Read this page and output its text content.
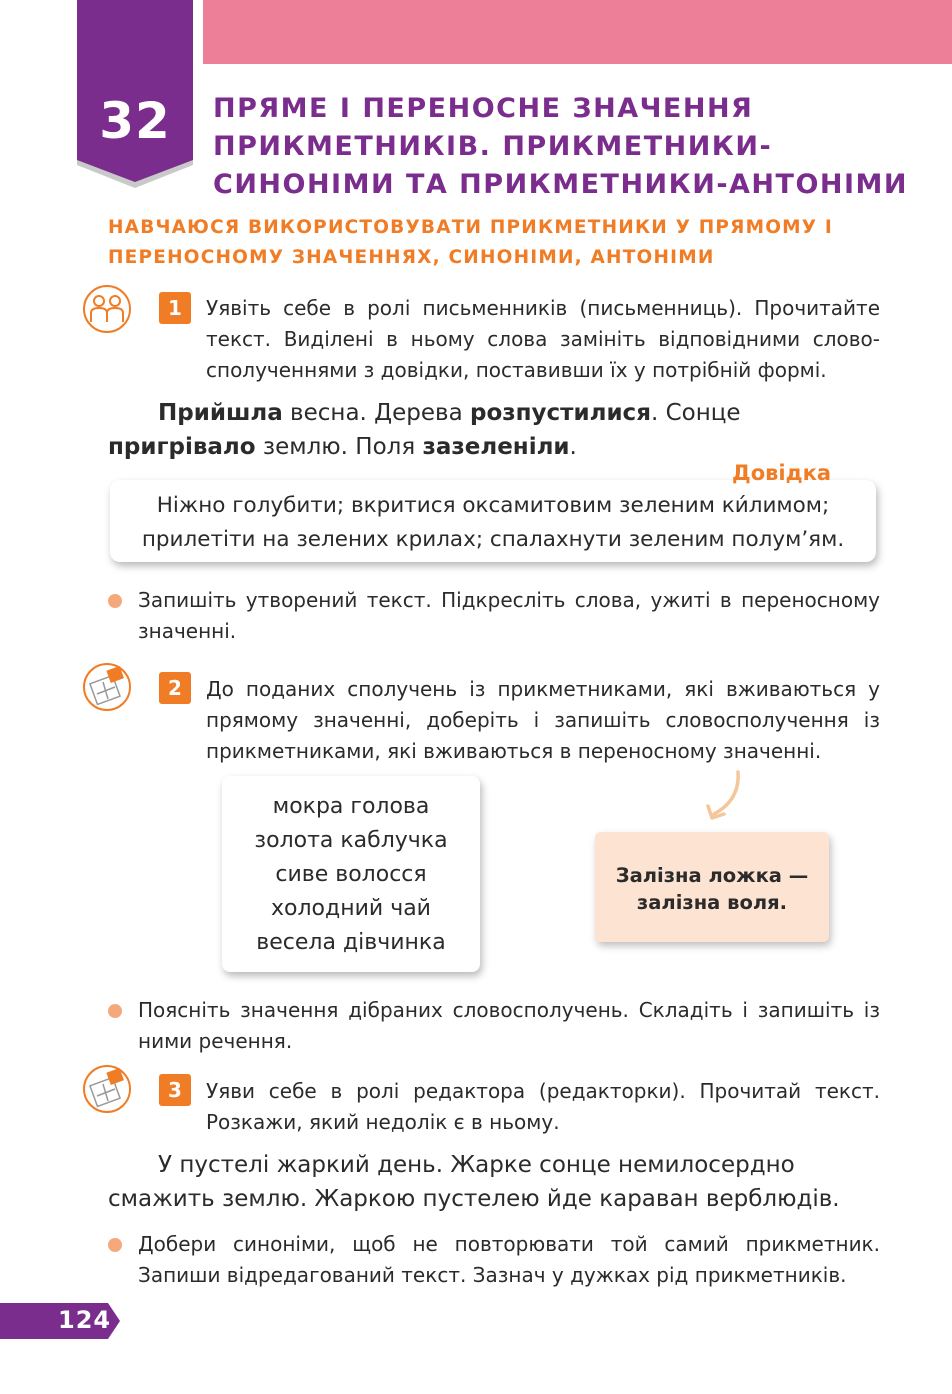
32	ПРЯМЕ І ПЕРЕНОСНЕ ЗНАЧЕННЯ ПРИКМЕТНИКІВ. ПРИКМЕТНИКИ-СИНОНІМИ ТА ПРИКМЕТНИКИ-АНТОНІМИ
НАВЧАЮСЯ ВИКОРИСТОВУВАТИ ПРИКМЕТНИКИ У ПРЯМОМУ І ПЕРЕНОСНОМУ ЗНАЧЕННЯХ, СИНОНІМИ, АНТОНІМИ
1	Уявіть себе в ролі письменників (письменниць). Прочитайте текст. Виділені в ньому слова замініть відповідними слово-сполученнями з довідки, поставивши їх у потрібній формі.
Прийшла весна. Дерева розпустилися. Сонце пригрівало землю. Поля зазеленіли.
Довідка
Ніжно голубити; вкритися оксамитовим зеленим ки́лимом; прилетіти на зелених крилах; спалахнути зеленим полум’ям.
Запишіть утворений текст. Підкресліть слова, ужиті в переносному значенні.
2	До поданих сполучень із прикметниками, які вживаються у прямому значенні, доберіть і запишіть словосполучення із прикметниками, які вживаються в переносному значенні.
мокра голова
золота каблучка
сиве волосся
холодний чай
весела дівчинка
Залізна ложка —
залізна воля.
Поясніть значення дібраних словосполучень. Складіть і запишіть із ними речення.
3	Уяви себе в ролі редактора (редакторки). Прочитай текст. Розкажи, який недолік є в ньому.
У пустелі жаркий день. Жарке сонце немилосердно смажить землю. Жаркою пустелею йде караван верблюдів.
Добери синоніми, щоб не повторювати той самий прикметник. Запиши відредагований текст. Зазнач у дужках рід прикметників.
124
